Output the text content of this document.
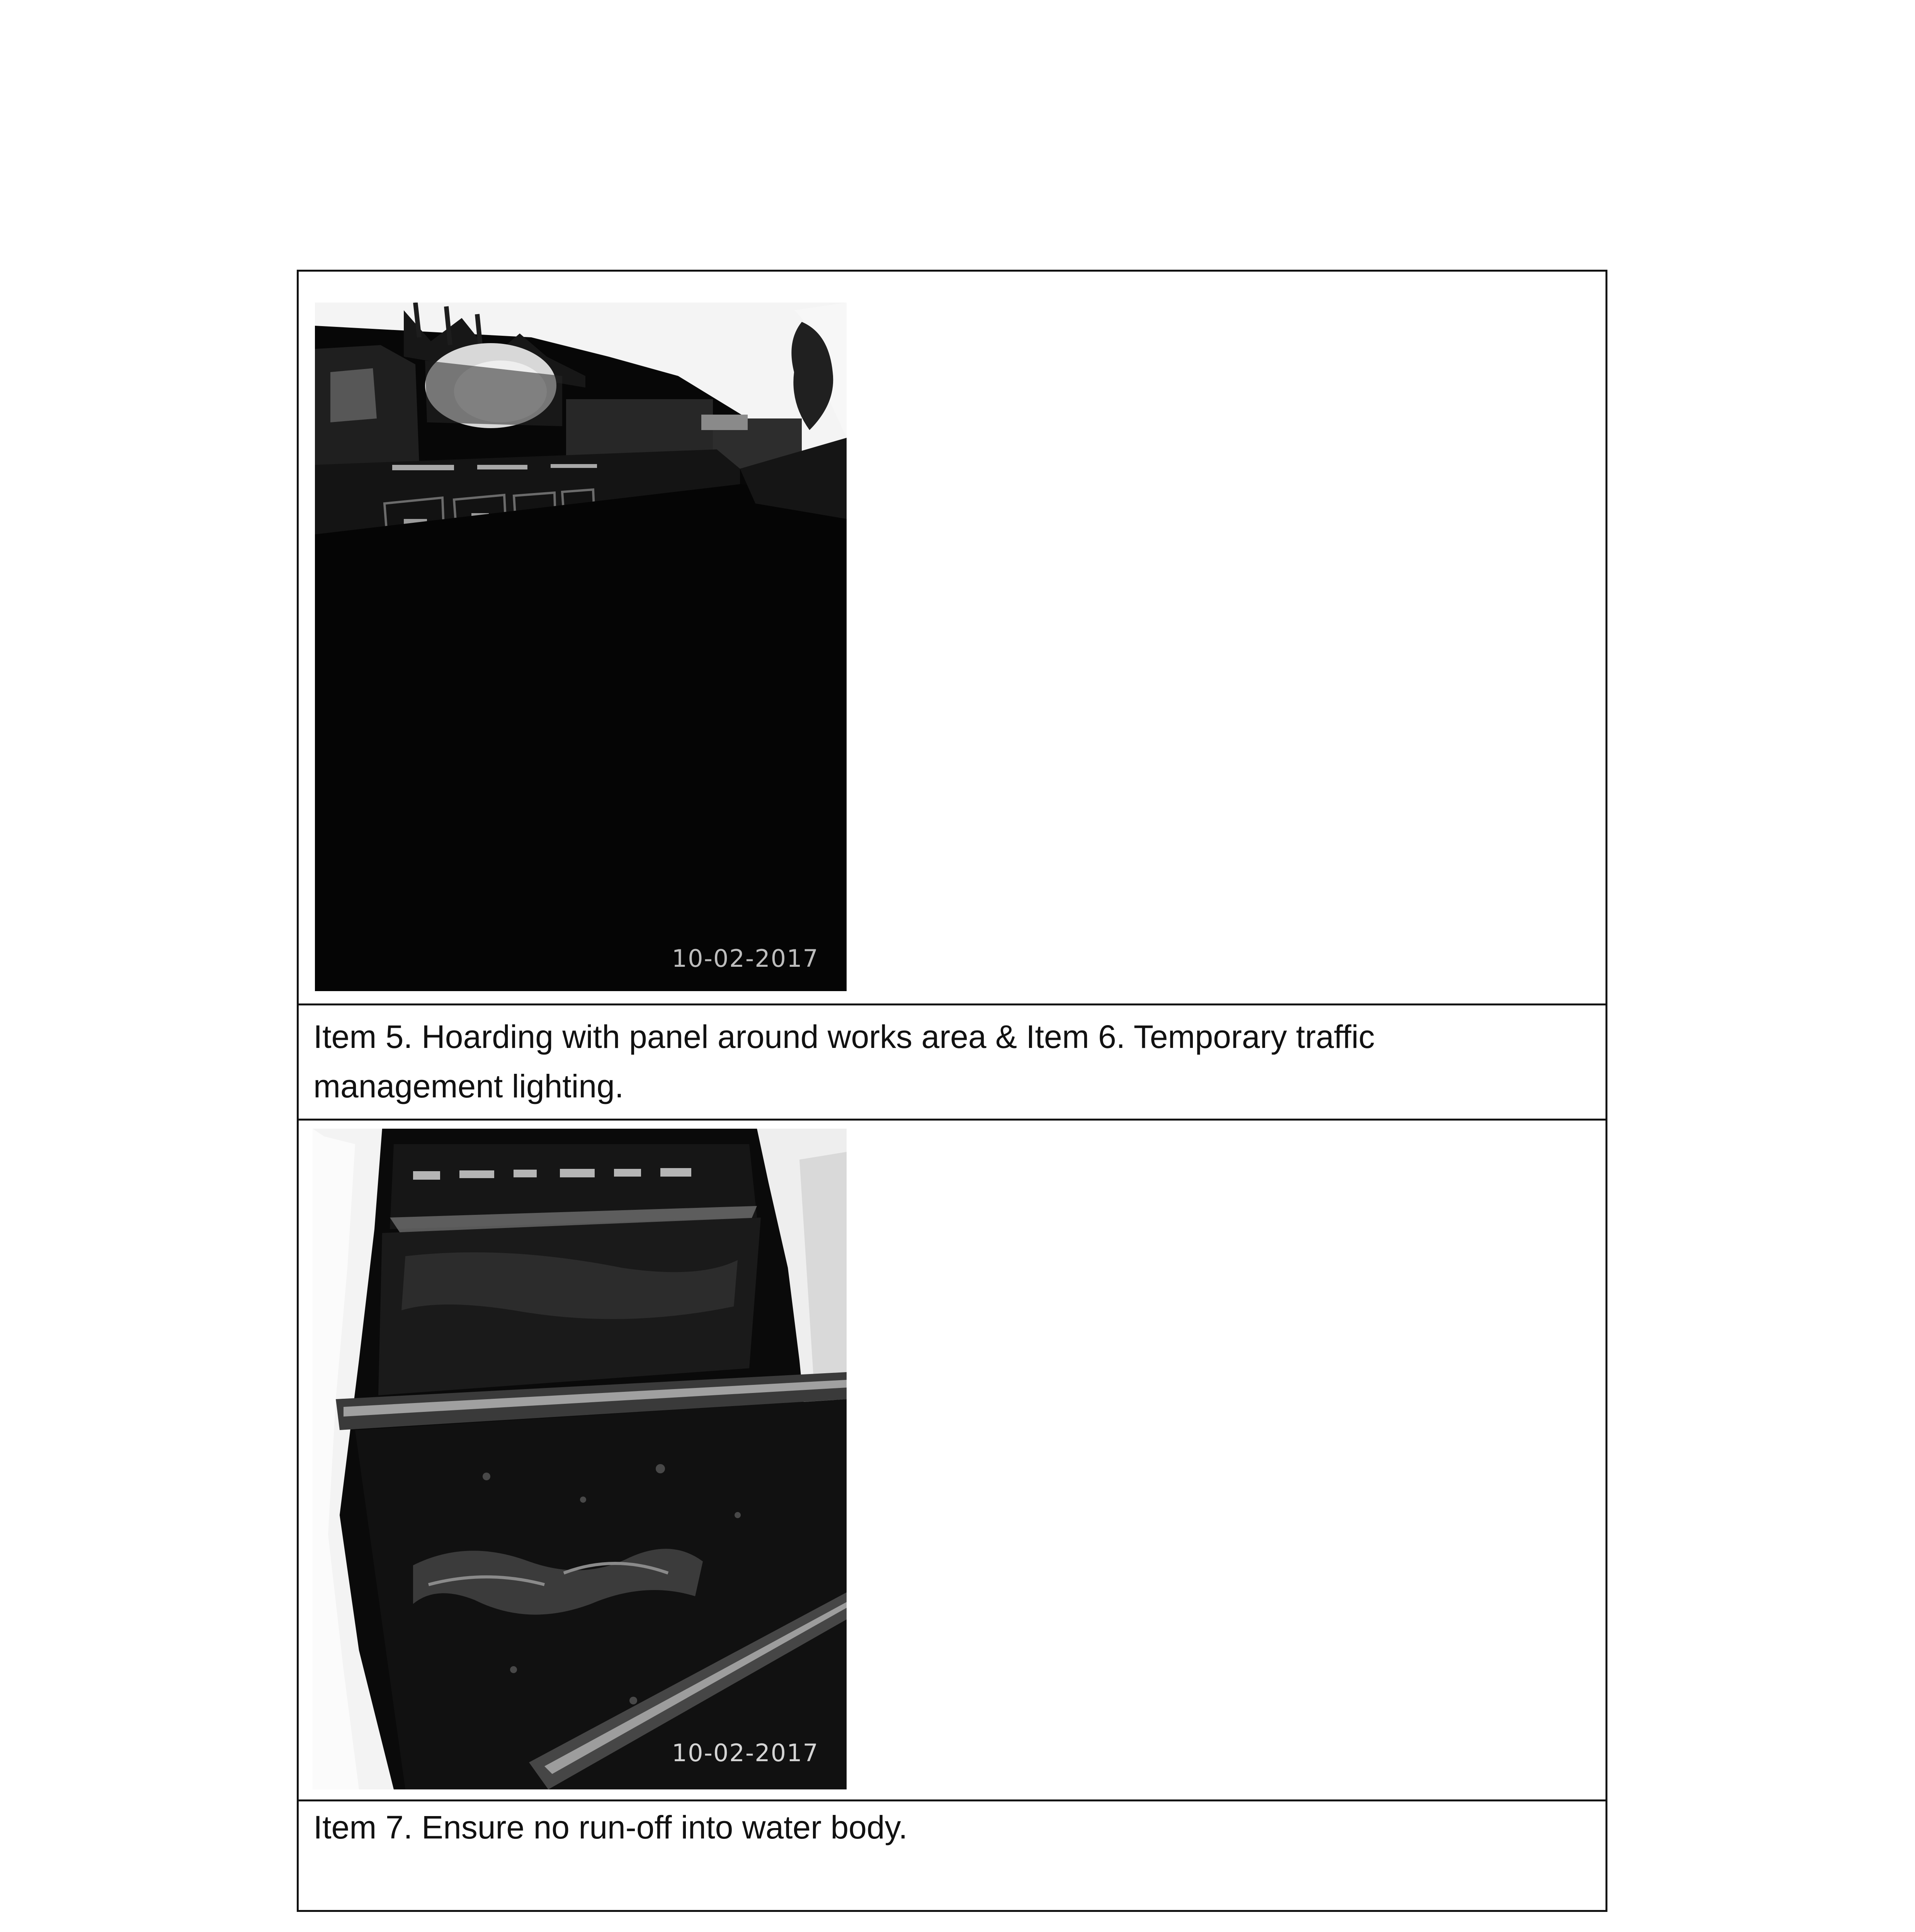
10-02-2017
Item 5. Hoarding with panel around works area & Item 6. Temporary traffic management lighting.
10-02-2017
Item 7. Ensure no run-off into water body.
